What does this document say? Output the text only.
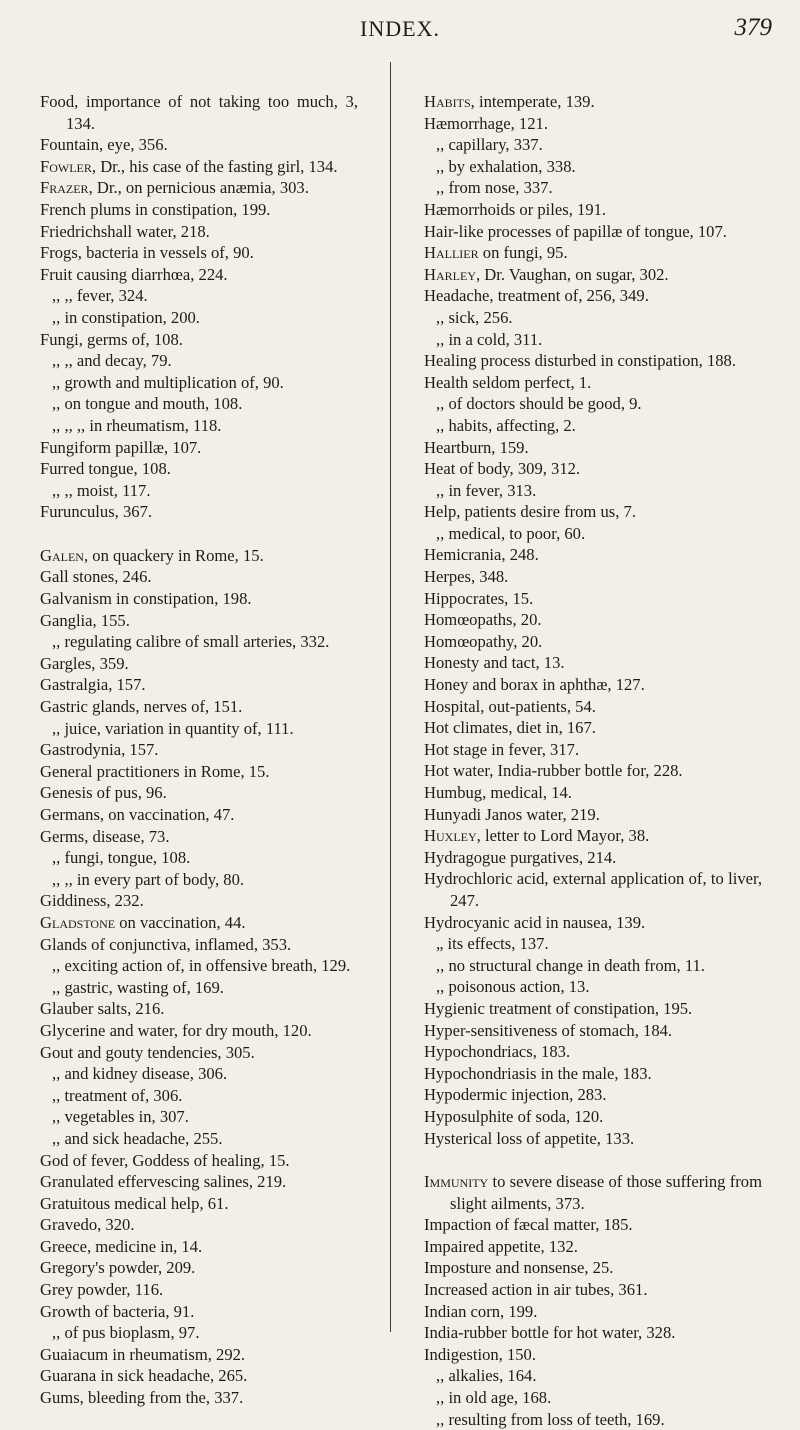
INDEX.	379
Food, importance of not taking too much, 3, 134.
Fountain, eye, 356.
Fowler, Dr., his case of the fasting girl, 134.
Frazer, Dr., on pernicious anæmia, 303.
French plums in constipation, 199.
Friedrichshall water, 218.
Frogs, bacteria in vessels of, 90.
Fruit causing diarrhœa, 224.
,, ,, fever, 324.
,, in constipation, 200.
Fungi, germs of, 108.
,, ,, and decay, 79.
,, growth and multiplication of, 90.
,, on tongue and mouth, 108.
,, ,, ,, in rheumatism, 118.
Fungiform papillæ, 107.
Furred tongue, 108.
,, ,, moist, 117.
Furunculus, 367.
Galen, on quackery in Rome, 15.
Gall stones, 246.
Galvanism in constipation, 198.
Ganglia, 155.
,, regulating calibre of small arteries, 332.
Gargles, 359.
Gastralgia, 157.
Gastric glands, nerves of, 151.
,, juice, variation in quantity of, 111.
Gastrodynia, 157.
General practitioners in Rome, 15.
Genesis of pus, 96.
Germans, on vaccination, 47.
Germs, disease, 73.
,, fungi, tongue, 108.
,, ,, in every part of body, 80.
Giddiness, 232.
Gladstone on vaccination, 44.
Glands of conjunctiva, inflamed, 353.
,, exciting action of, in offensive breath, 129.
,, gastric, wasting of, 169.
Glauber salts, 216.
Glycerine and water, for dry mouth, 120.
Gout and gouty tendencies, 305.
,, and kidney disease, 306.
,, treatment of, 306.
,, vegetables in, 307.
,, and sick headache, 255.
God of fever, Goddess of healing, 15.
Granulated effervescing salines, 219.
Gratuitous medical help, 61.
Gravedo, 320.
Greece, medicine in, 14.
Gregory's powder, 209.
Grey powder, 116.
Growth of bacteria, 91.
,, of pus bioplasm, 97.
Guaiacum in rheumatism, 292.
Guarana in sick headache, 265.
Gums, bleeding from the, 337.
Habits, intemperate, 139.
Hæmorrhage, 121.
,, capillary, 337.
,, by exhalation, 338.
,, from nose, 337.
Hæmorrhoids or piles, 191.
Hair-like processes of papillæ of tongue, 107.
Hallier on fungi, 95.
Harley, Dr. Vaughan, on sugar, 302.
Headache, treatment of, 256, 349.
,, sick, 256.
,, in a cold, 311.
Healing process disturbed in constipation, 188.
Health seldom perfect, 1.
,, of doctors should be good, 9.
,, habits, affecting, 2.
Heartburn, 159.
Heat of body, 309, 312.
,, in fever, 313.
Help, patients desire from us, 7.
,, medical, to poor, 60.
Hemicrania, 248.
Herpes, 348.
Hippocrates, 15.
Homœopaths, 20.
Homœopathy, 20.
Honesty and tact, 13.
Honey and borax in aphthæ, 127.
Hospital, out-patients, 54.
Hot climates, diet in, 167.
Hot stage in fever, 317.
Hot water, India-rubber bottle for, 228.
Humbug, medical, 14.
Hunyadi Janos water, 219.
Huxley, letter to Lord Mayor, 38.
Hydragogue purgatives, 214.
Hydrochloric acid, external application of, to liver, 247.
Hydrocyanic acid in nausea, 139.
„ its effects, 137.
,, no structural change in death from, 11.
,, poisonous action, 13.
Hygienic treatment of constipation, 195.
Hyper-sensitiveness of stomach, 184.
Hypochondriacs, 183.
Hypochondriasis in the male, 183.
Hypodermic injection, 283.
Hyposulphite of soda, 120.
Hysterical loss of appetite, 133.
Immunity to severe disease of those suffering from slight ailments, 373.
Impaction of fæcal matter, 185.
Impaired appetite, 132.
Imposture and nonsense, 25.
Increased action in air tubes, 361.
Indian corn, 199.
India-rubber bottle for hot water, 328.
Indigestion, 150.
,, alkalies, 164.
,, in old age, 168.
,, resulting from loss of teeth, 169.
